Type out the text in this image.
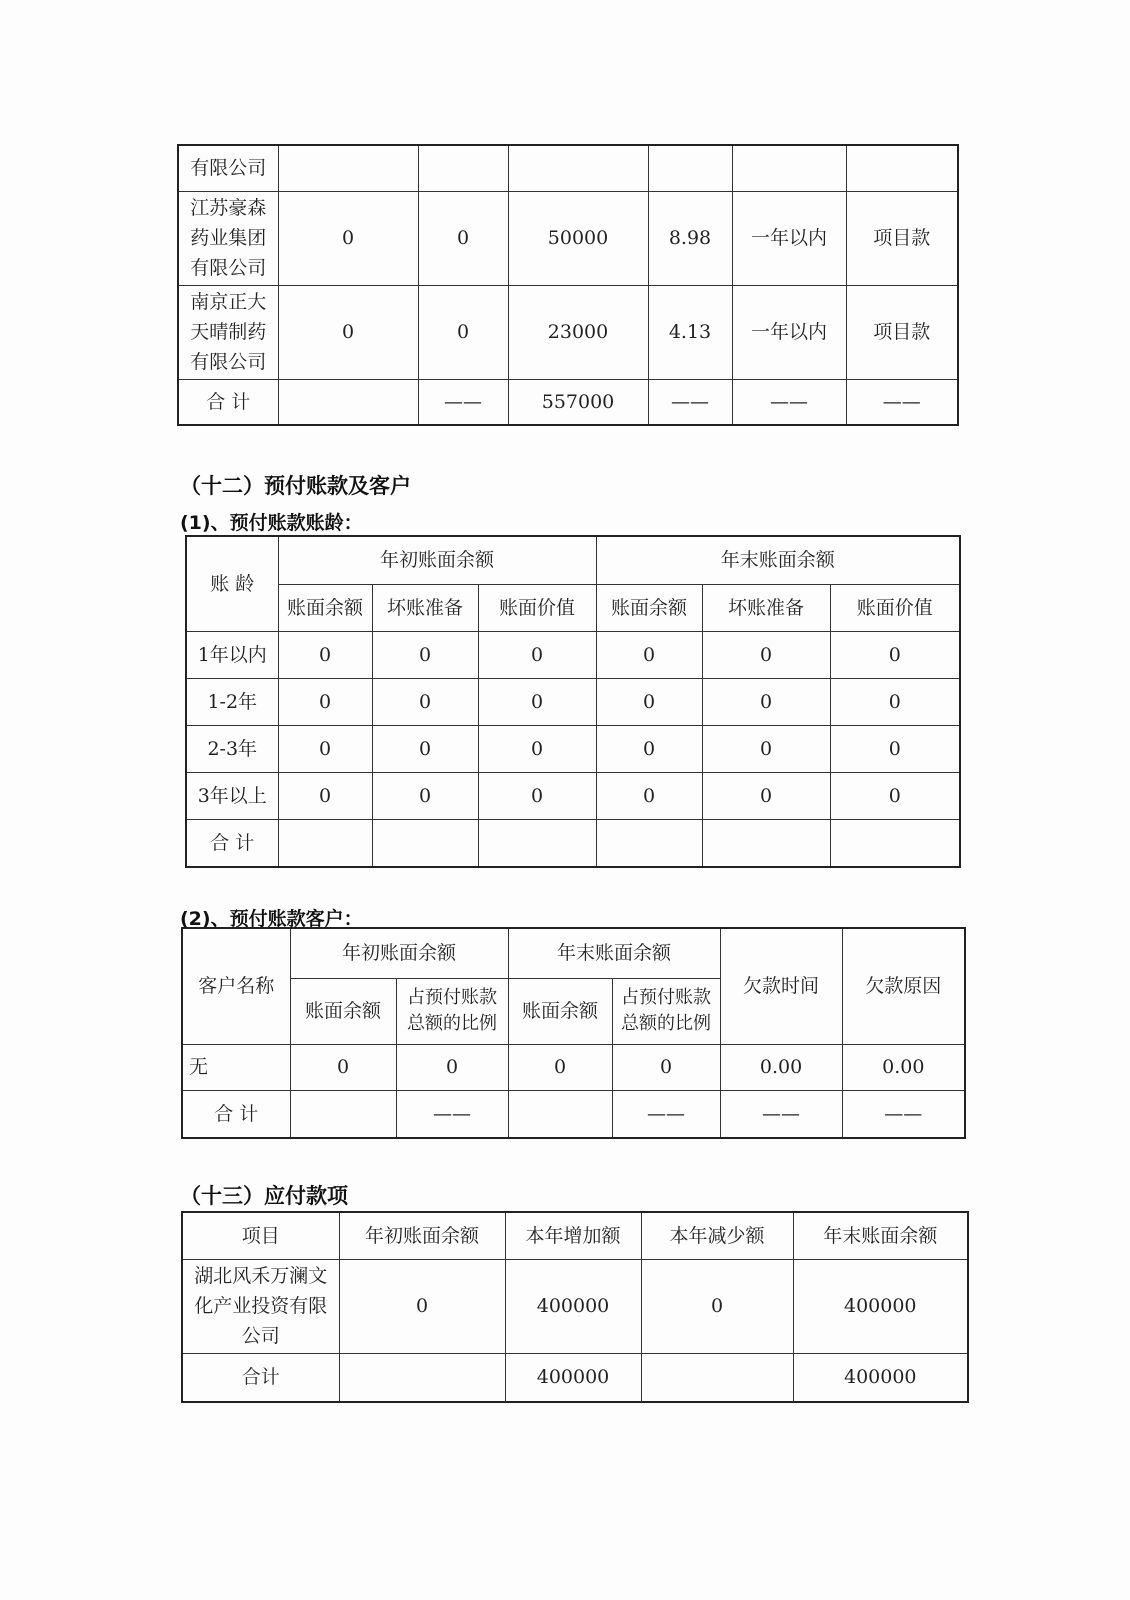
有限公司						
江苏豪森药业集团有限公司	0	0	50000	8.98	一年以内	项目款
南京正大天晴制药有限公司	0	0	23000	4.13	一年以内	项目款
合 计		——	557000	——	——	——
（十二）预付账款及客户
(1)、预付账款账龄：
账 龄	年初账面余额			年末账面余额		
	账面余额	坏账准备	账面价值	账面余额	坏账准备	账面价值
1年以内	0	0	0	0	0	0
1-2年	0	0	0	0	0	0
2-3年	0	0	0	0	0	0
3年以上	0	0	0	0	0	0
合 计						
(2)、预付账款客户：
客户名称	年初账面余额		年末账面余额		欠款时间	欠款原因
	账面余额	占预付账款总额的比例	账面余额	占预付账款总额的比例		
无	0	0	0	0	0.00	0.00
合 计		——		——	——	——
（十三）应付款项
项目	年初账面余额	本年增加额	本年减少额	年末账面余额
湖北风禾万澜文化产业投资有限公司	0	400000	0	400000
合计		400000		400000
